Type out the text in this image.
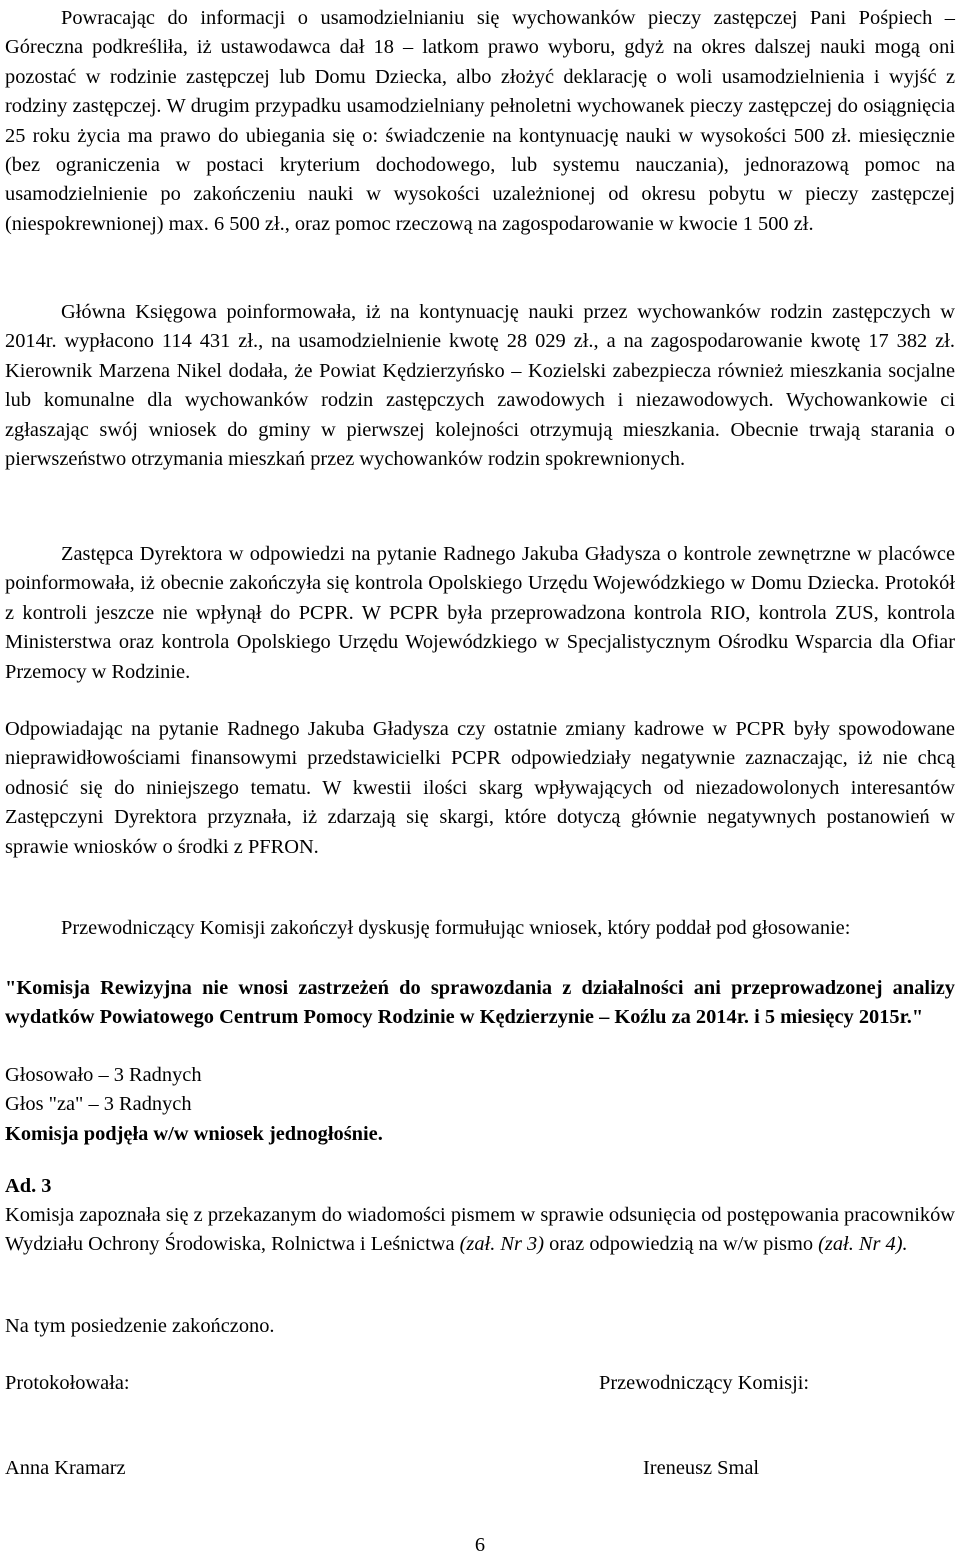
Powracając do informacji o usamodzielnianiu się wychowanków pieczy zastępczej Pani Pośpiech – Góreczna podkreśliła, iż ustawodawca dał 18 – latkom prawo wyboru, gdyż na okres dalszej nauki mogą oni pozostać w rodzinie zastępczej lub Domu Dziecka, albo złożyć deklarację o woli usamodzielnienia i wyjść z rodziny zastępczej. W drugim przypadku usamodzielniany pełnoletni wychowanek pieczy zastępczej do osiągnięcia 25 roku życia ma prawo do ubiegania się o: świadczenie na kontynuację nauki w wysokości 500 zł. miesięcznie (bez ograniczenia w postaci kryterium dochodowego, lub systemu nauczania), jednorazową pomoc na usamodzielnienie po zakończeniu nauki w wysokości uzależnionej od okresu pobytu w pieczy zastępczej (niespokrewnionej) max. 6 500 zł., oraz pomoc rzeczową na zagospodarowanie w kwocie 1 500 zł.
Główna Księgowa poinformowała, iż na kontynuację nauki przez wychowanków rodzin zastępczych w 2014r. wypłacono 114 431 zł., na usamodzielnienie kwotę 28 029 zł., a na zagospodarowanie kwotę 17 382 zł. Kierownik Marzena Nikel dodała, że Powiat Kędzierzyńsko – Kozielski zabezpiecza również mieszkania socjalne lub komunalne dla wychowanków rodzin zastępczych zawodowych i niezawodowych. Wychowankowie ci zgłaszając swój wniosek do gminy w pierwszej kolejności otrzymują mieszkania. Obecnie trwają starania o pierwszeństwo otrzymania mieszkań przez wychowanków rodzin spokrewnionych.
Zastępca Dyrektora w odpowiedzi na pytanie Radnego Jakuba Gładysza o kontrole zewnętrzne w placówce poinformowała, iż obecnie zakończyła się kontrola Opolskiego Urzędu Wojewódzkiego w Domu Dziecka. Protokół z kontroli jeszcze nie wpłynął do PCPR. W PCPR była przeprowadzona kontrola RIO, kontrola ZUS, kontrola Ministerstwa oraz kontrola Opolskiego Urzędu Wojewódzkiego w Specjalistycznym Ośrodku Wsparcia dla Ofiar Przemocy w Rodzinie.
Odpowiadając na pytanie Radnego Jakuba Gładysza czy ostatnie zmiany kadrowe w PCPR były spowodowane nieprawidłowościami finansowymi przedstawicielki PCPR odpowiedziały negatywnie zaznaczając, iż nie chcą odnosić się do niniejszego tematu. W kwestii ilości skarg wpływających od niezadowolonych interesantów Zastępczyni Dyrektora przyznała, iż zdarzają się skargi, które dotyczą głównie negatywnych postanowień w sprawie wniosków o środki z PFRON.
Przewodniczący Komisji zakończył dyskusję formułując wniosek, który poddał pod głosowanie:
"Komisja Rewizyjna nie wnosi zastrzeżeń do sprawozdania z działalności ani przeprowadzonej analizy wydatków Powiatowego Centrum Pomocy Rodzinie w Kędzierzynie – Koźlu za 2014r. i 5 miesięcy 2015r."
Głosowało – 3 Radnych
Głos "za" – 3 Radnych
Komisja podjęła w/w wniosek jednogłośnie.
Ad. 3
Komisja zapoznała się z przekazanym do wiadomości pismem w sprawie odsunięcia od postępowania pracowników Wydziału Ochrony Środowiska, Rolnictwa i Leśnictwa (zał. Nr 3) oraz odpowiedzią na w/w pismo (zał. Nr 4).
Na tym posiedzenie zakończono.
Protokołowała:	Przewodniczący Komisji:
Anna Kramarz	Ireneusz Smal
6
